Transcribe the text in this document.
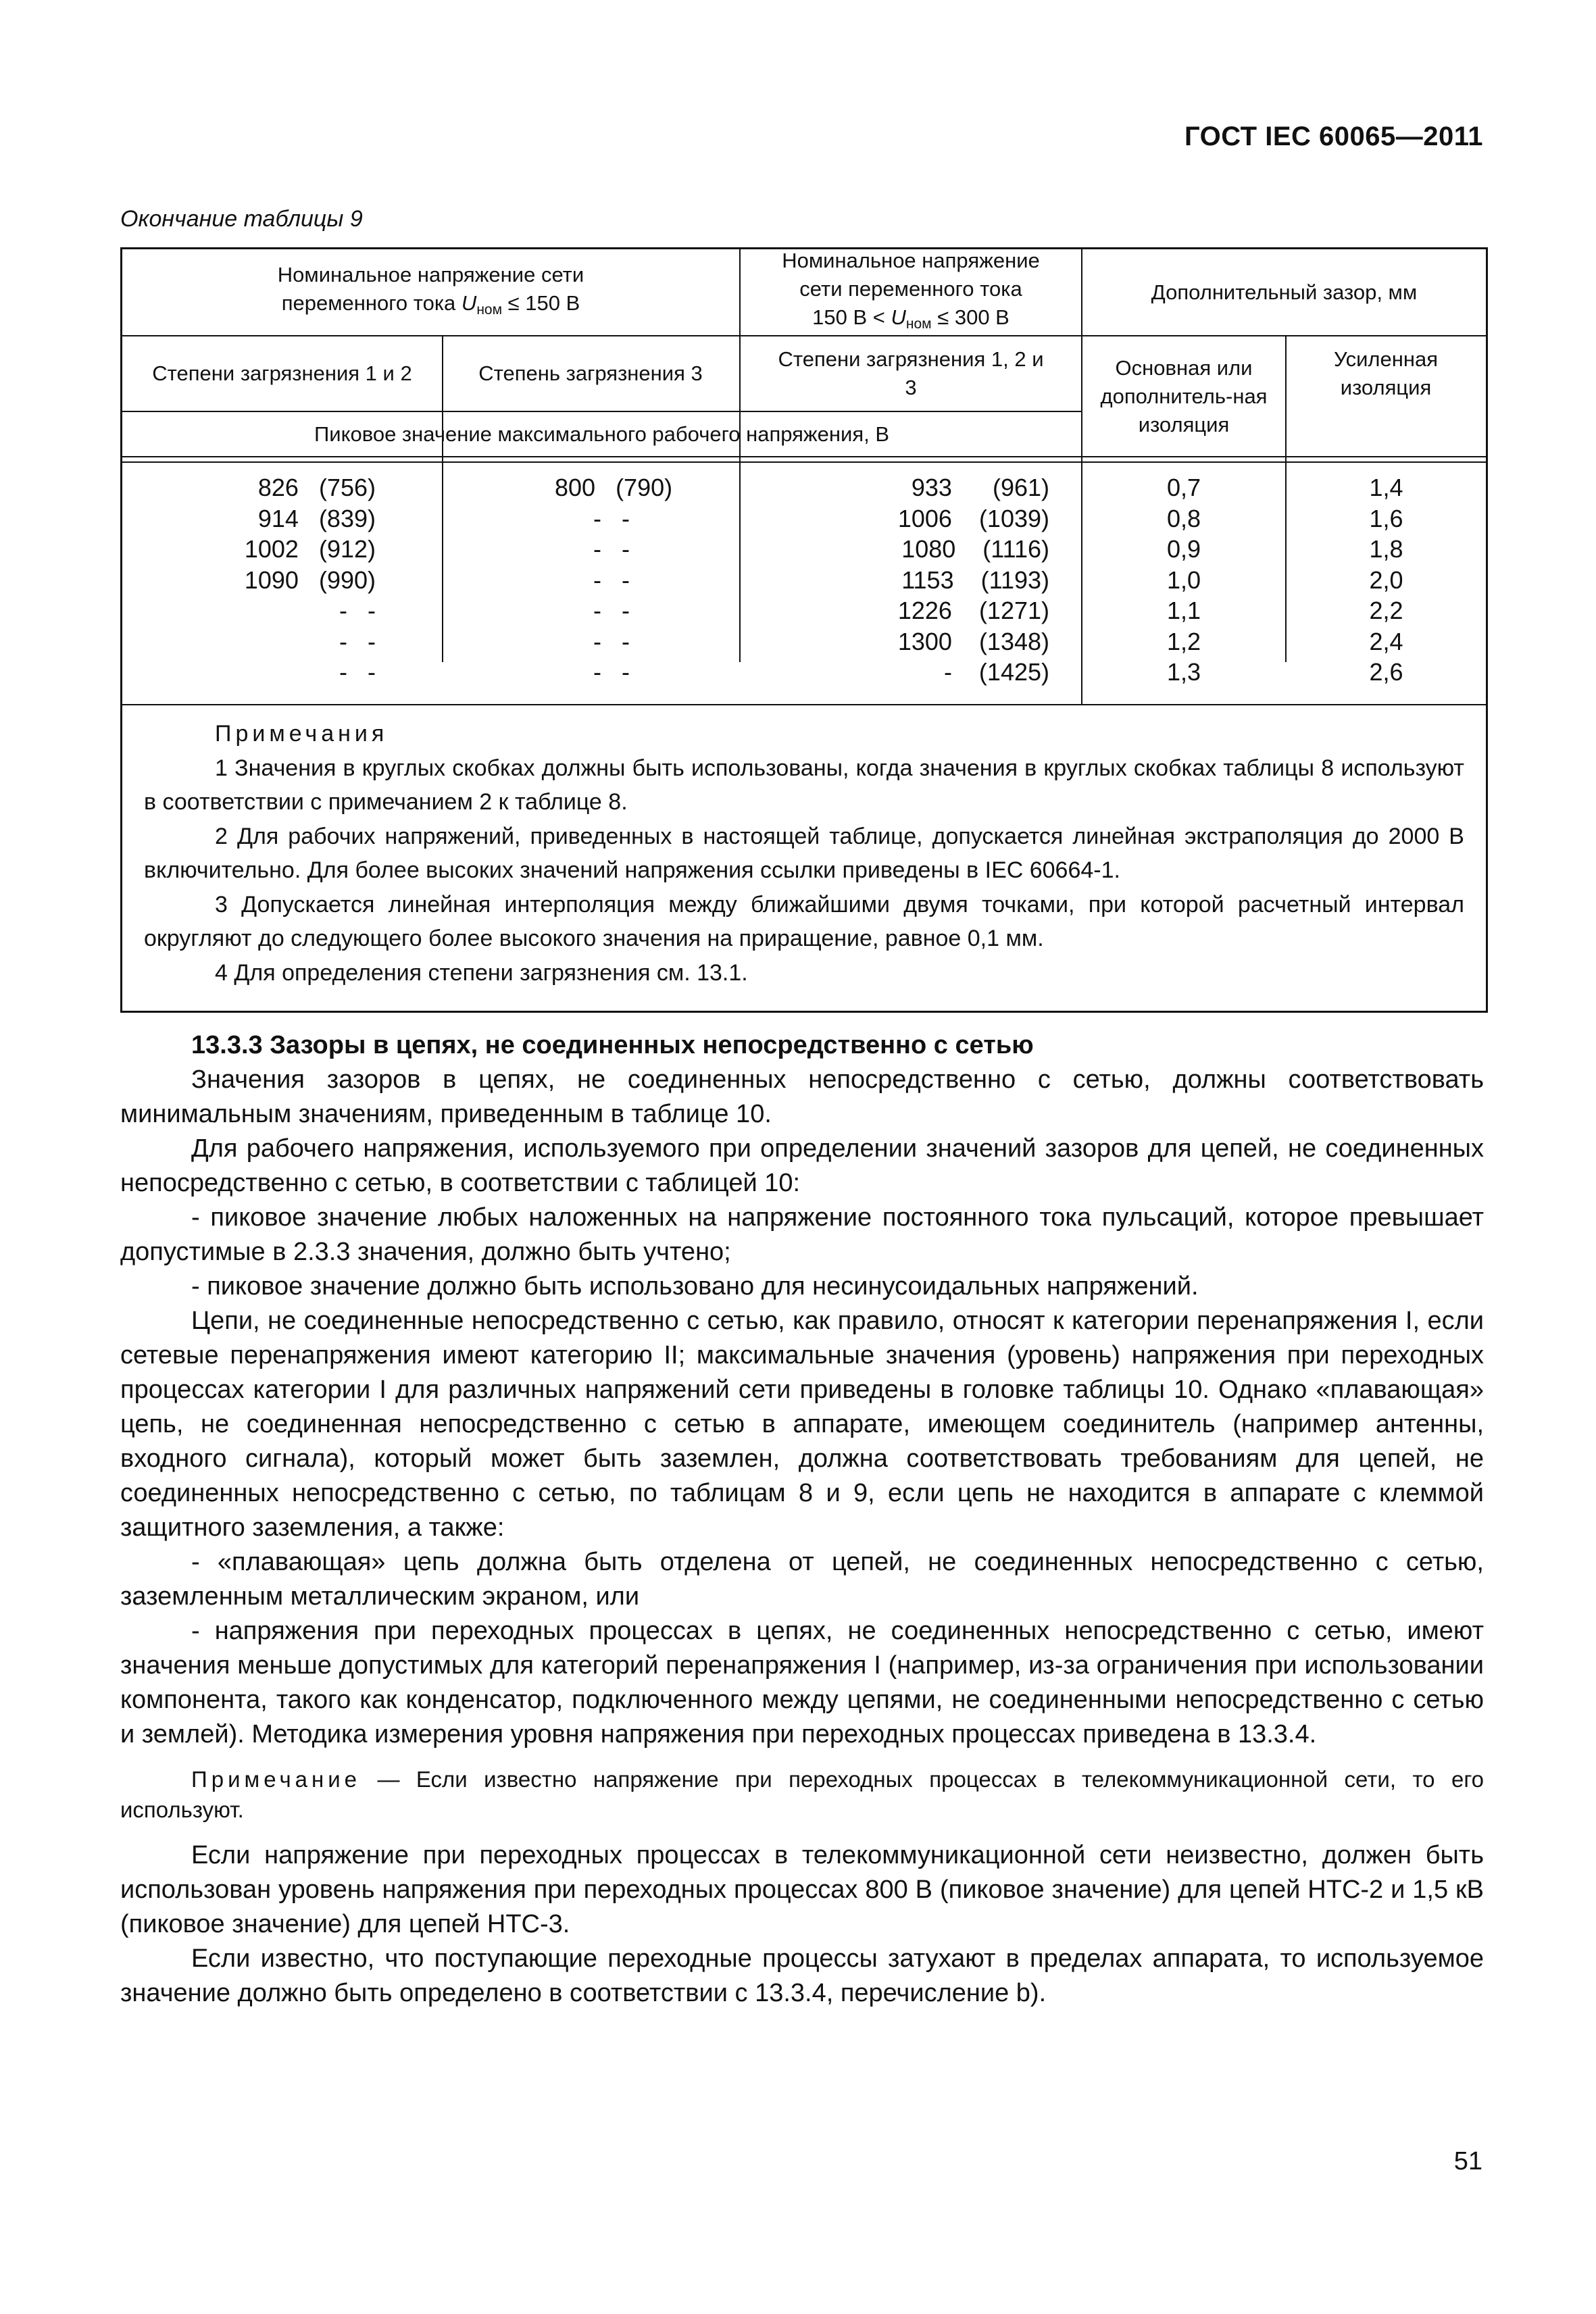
ГОСТ IEC 60065—2011
Окончание таблицы 9
Номинальное напряжение сети
переменного тока $U_{ном} \le 150$ В
Номинальное напряжение
сети переменного тока
150 $В < U_{ном} \le 300$ В
Дополнительный зазор, мм
Степени загрязнения 1 и 2	Степень загрязнения 3
Степени загрязнения 1, 2 и 3
Основная или дополнитель-ная изоляция
Усиленная изоляция
Пиковое значение максимального рабочего напряжения, В
826   (756)
914   (839)
1002   (912)
1090   (990)
-   -
-   -
-   -
800   (790)
-   -
-   -
-   -
-   -
-   -
-   -
933      (961)
1006    (1039)
1080    (1116)
1153    (1193)
1226    (1271)
1300    (1348)
-    (1425)
0,7
0,8
0,9
1,0
1,1
1,2
1,3
1,4
1,6
1,8
2,0
2,2
2,4
2,6

Примечания

1 Значения в круглых скобках должны быть использованы, когда значения в круглых скобках таблицы 8 используют в соответствии с примечанием 2 к таблице 8.

2 Для рабочих напряжений, приведенных в настоящей таблице, допускается линейная экстраполяция до 2000 В включительно. Для более высоких значений напряжения ссылки приведены в IEC 60664-1.

3 Допускается линейная интерполяция между ближайшими двумя точками, при которой расчетный интервал округляют до следующего более высокого значения на приращение, равное 0,1 мм.

4 Для определения степени загрязнения см. 13.1.

13.3.3 Зазоры в цепях, не соединенных непосредственно с сетью

Значения зазоров в цепях, не соединенных непосредственно с сетью, должны соответствовать минимальным значениям, приведенным в таблице 10.

Для рабочего напряжения, используемого при определении значений зазоров для цепей, не соединенных непосредственно с сетью, в соответствии с таблицей 10:

- пиковое значение любых наложенных на напряжение постоянного тока пульсаций, которое превышает допустимые в 2.3.3 значения, должно быть учтено;

- пиковое значение должно быть использовано для несинусоидальных напряжений.

Цепи, не соединенные непосредственно с сетью, как правило, относят к категории перенапряжения I, если сетевые перенапряжения имеют категорию II; максимальные значения (уровень) напряжения при переходных процессах категории I для различных напряжений сети приведены в головке таблицы 10. Однако «плавающая» цепь, не соединенная непосредственно с сетью в аппарате, имеющем соединитель (например антенны, входного сигнала), который может быть заземлен, должна соответствовать требованиям для цепей, не соединенных непосредственно с сетью, по таблицам 8 и 9, если цепь не находится в аппарате с клеммой защитного заземления, а также:

- «плавающая» цепь должна быть отделена от цепей, не соединенных непосредственно с сетью, заземленным металлическим экраном, или

- напряжения при переходных процессах в цепях, не соединенных непосредственно с сетью, имеют значения меньше допустимых для категорий перенапряжения I (например, из-за ограничения при использовании компонента, такого как конденсатор, подключенного между цепями, не соединенными непосредственно с сетью и землей). Методика измерения уровня напряжения при переходных процессах приведена в 13.3.4.

Примечание — Если известно напряжение при переходных процессах в телекоммуникационной сети, то его используют.

Если напряжение при переходных процессах в телекоммуникационной сети неизвестно, должен быть использован уровень напряжения при переходных процессах 800 В (пиковое значение) для цепей НТС-2 и 1,5 кВ (пиковое значение) для цепей НТС-3.

Если известно, что поступающие переходные процессы затухают в пределах аппарата, то используемое значение должно быть определено в соответствии с 13.3.4, перечисление b).

51
